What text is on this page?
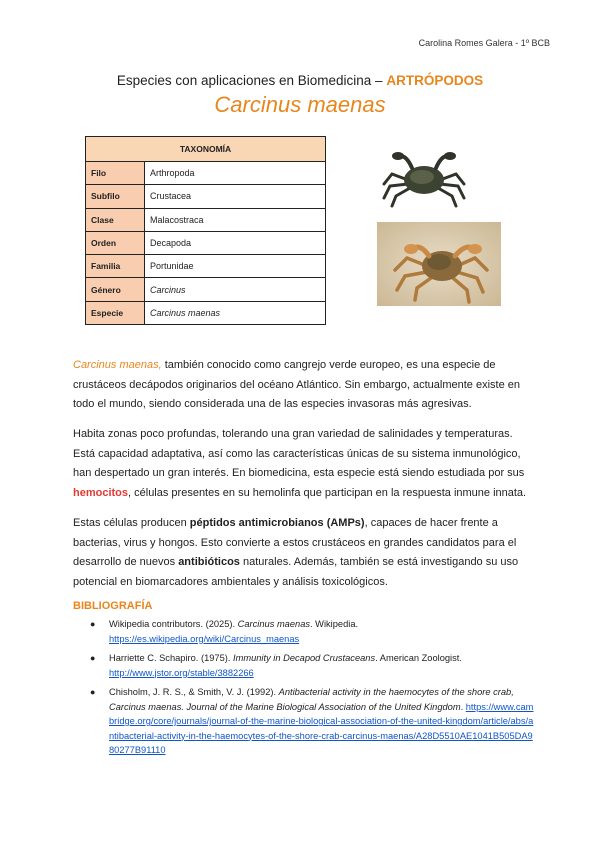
Carolina Romes Galera - 1º BCB
Especies con aplicaciones en Biomedicina – ARTRÓPODOS
Carcinus maenas
TAXONOMÍA	
Filo	Arthropoda
Subfilo	Crustacea
Clase	Malacostraca
Orden	Decapoda
Familia	Portunidae
Género	Carcinus
Especie	Carcinus maenas
Carcinus maenas, también conocido como cangrejo verde europeo, es una especie de crustáceos decápodos originarios del océano Atlántico. Sin embargo, actualmente existe en todo el mundo, siendo considerada una de las especies invasoras más agresivas.
Habita zonas poco profundas, tolerando una gran variedad de salinidades y temperaturas. Está capacidad adaptativa, así como las características únicas de su sistema inmunológico, han despertado un gran interés. En biomedicina, esta especie está siendo estudiada por sus hemocitos, células presentes en su hemolinfa que participan en la respuesta inmune innata.
Estas células producen péptidos antimicrobianos (AMPs), capaces de hacer frente a bacterias, virus y hongos. Esto convierte a estos crustáceos en grandes candidatos para el desarrollo de nuevos antibióticos naturales. Además, también se está investigando su uso potencial en biomarcadores ambientales y análisis toxicológicos.
BIBLIOGRAFÍA
● Wikipedia contributors. (2025). Carcinus maenas. Wikipedia.
https://es.wikipedia.org/wiki/Carcinus_maenas
● Harriette C. Schapiro. (1975). Immunity in Decapod Crustaceans. American Zoologist.
http://www.jstor.org/stable/3882266
● Chisholm, J. R. S., & Smith, V. J. (1992). Antibacterial activity in the haemocytes of the shore crab, Carcinus maenas. Journal of the Marine Biological Association of the United Kingdom. https://www.cambridge.org/core/journals/journal-of-the-marine-biological-association-of-the-united-kingdom/article/abs/antibacterial-activity-in-the-haemocytes-of-the-shore-crab-carcinus-maenas/A28D5510AE1041B505DA980277B91110
